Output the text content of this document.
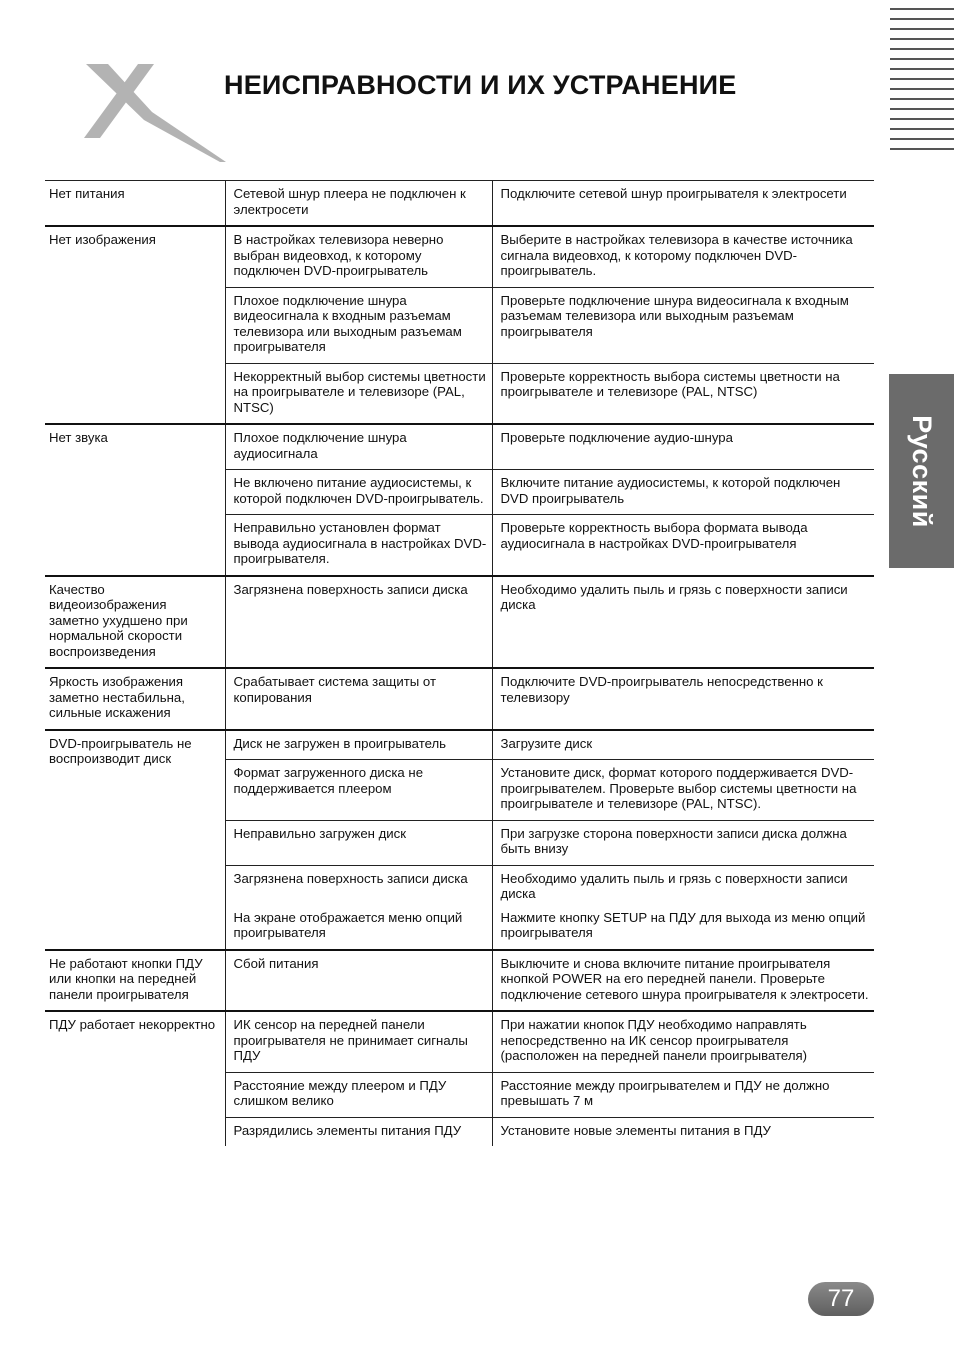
НЕИСПРАВНОСТИ И ИХ УСТРАНЕНИЕ
Русский
Нет питания	Сетевой шнур плеера не подключен к электросети	Подключите сетевой шнур проигрывателя к электросети
Нет изображения	В настройках телевизора неверно выбран видеовход, к которому подключен DVD-проигрыватель	Выберите в настройках телевизора в качестве источника сигнала видеовход, к которому подключен DVD-проигрыватель.
	Плохое подключение шнура видеосигнала к входным разъемам телевизора или выходным разъемам проигрывателя	Проверьте подключение шнура видеосигнала к входным разъемам телевизора или выходным разъемам проигрывателя
	Некорректный выбор системы цветности на проигрывателе и телевизоре (PAL, NTSC)	Проверьте корректность выбора системы цветности на проигрывателе и телевизоре (PAL, NTSC)
Нет звука	Плохое подключение шнура аудиосигнала	Проверьте подключение аудио-шнура
	Не включено питание аудиосистемы, к которой подключен DVD-проигрыватель.	Включите питание аудиосистемы, к которой подключен DVD проигрыватель
	Неправильно установлен формат вывода аудиосигнала в настройках DVD-проигрывателя.	Проверьте корректность выбора формата вывода аудиосигнала в настройках DVD-проигрывателя
Качество видеоизображения заметно ухудшено при нормальной скорости воспроизведения	Загрязнена поверхность записи диска	Необходимо удалить пыль и грязь с поверхности записи диска
Яркость изображения заметно нестабильна, сильные искажения	Срабатывает система защиты от копирования	Подключите DVD-проигрыватель непосредственно к телевизору
DVD-проигрыватель не воспроизводит диск	Диск не загружен в проигрыватель	Загрузите диск
	Формат загруженного диска не поддерживается плеером	Установите диск, формат которого поддерживается DVD-проигрывателем. Проверьте выбор системы цветности на проигрывателе и телевизоре (PAL, NTSC).
	Неправильно загружен диск	При загрузке сторона поверхности записи диска должна быть внизу
	Загрязнена поверхность записи диска	Необходимо удалить пыль и грязь с поверхности записи диска
	На экране отображается меню опций проигрывателя	Нажмите кнопку SETUP на ПДУ для выхода из меню опций проигрывателя
Не работают кнопки ПДУ или кнопки на передней панели проигрывателя	Сбой питания	Выключите и снова включите питание проигрывателя кнопкой POWER на его передней панели. Проверьте подключение сетевого шнура проигрывателя к электросети.
ПДУ работает некорректно	ИК сенсор на передней панели проигрывателя не принимает сигналы ПДУ	При нажатии кнопок ПДУ необходимо направлять непосредственно на ИК сенсор проигрывателя (расположен на передней панели проигрывателя)
	Расстояние между плеером и ПДУ слишком велико	Расстояние между проигрывателем и ПДУ не должно превышать 7 м
	Разрядились элементы питания ПДУ	Установите новые элементы питания в ПДУ
77
